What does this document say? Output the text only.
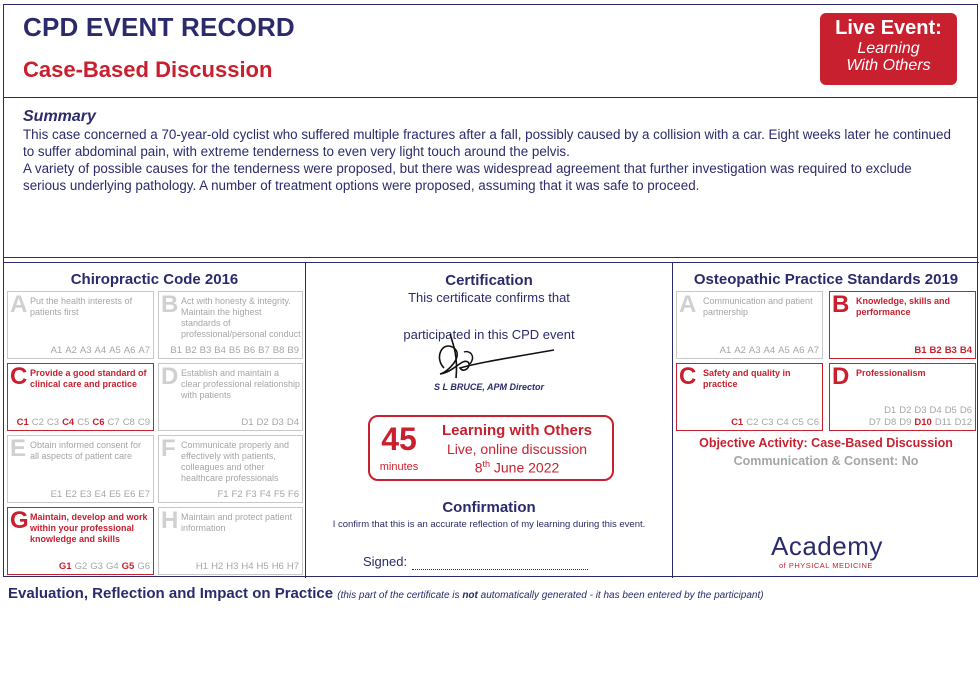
CPD EVENT RECORD
Case-Based Discussion
Live Event:
Learning
With Others
Summary
This case concerned a 70-year-old cyclist who suffered multiple fractures after a fall, possibly caused by a collision with a car. Eight weeks later he continued to suffer abdominal pain, with extreme tenderness to even very light touch around the pelvis.
A variety of possible causes for the tenderness were proposed, but there was widespread agreement that further investigation was required to exclude serious underlying pathology. A number of treatment options were proposed, assuming that it was safe to proceed.
Chiropractic Code 2016
A Put the health interests of patients first
A1 A2 A3 A4 A5 A6 A7
B Act with honesty & integrity. Maintain the highest standards of professional/personal conduct
B1 B2 B3 B4 B5 B6 B7 B8 B9
C Provide a good standard of clinical care and practice
C1 C2 C3 C4 C5 C6 C7 C8 C9
D Establish and maintain a clear professional relationship with patients
D1 D2 D3 D4
E Obtain informed consent for all aspects of patient care
E1 E2 E3 E4 E5 E6 E7
F Communicate properly and effectively with patients, colleagues and other healthcare professionals
F1 F2 F3 F4 F5 F6
G Maintain, develop and work within your professional knowledge and skills
G1 G2 G3 G4 G5 G6
H Maintain and protect patient information
H1 H2 H3 H4 H5 H6 H7
Certification
This certificate confirms that
participated in this CPD event
S L BRUCE, APM Director
45
minutes
Learning with Others
Live, online discussion
8th June 2022
Confirmation
I confirm that this is an accurate reflection of my learning during this event.
Signed:
Osteopathic Practice Standards 2019
A Communication and patient partnership
A1 A2 A3 A4 A5 A6 A7
B Knowledge, skills and performance
B1 B2 B3 B4
C Safety and quality in practice
C1 C2 C3 C4 C5 C6
D Professionalism
D1 D2 D3 D4 D5 D6
D7 D8 D9 D10 D11 D12
Objective Activity: Case-Based Discussion
Communication & Consent: No
Academy
of PHYSICAL MEDICINE
Evaluation, Reflection and Impact on Practice (this part of the certificate is not automatically generated - it has been entered by the participant)
